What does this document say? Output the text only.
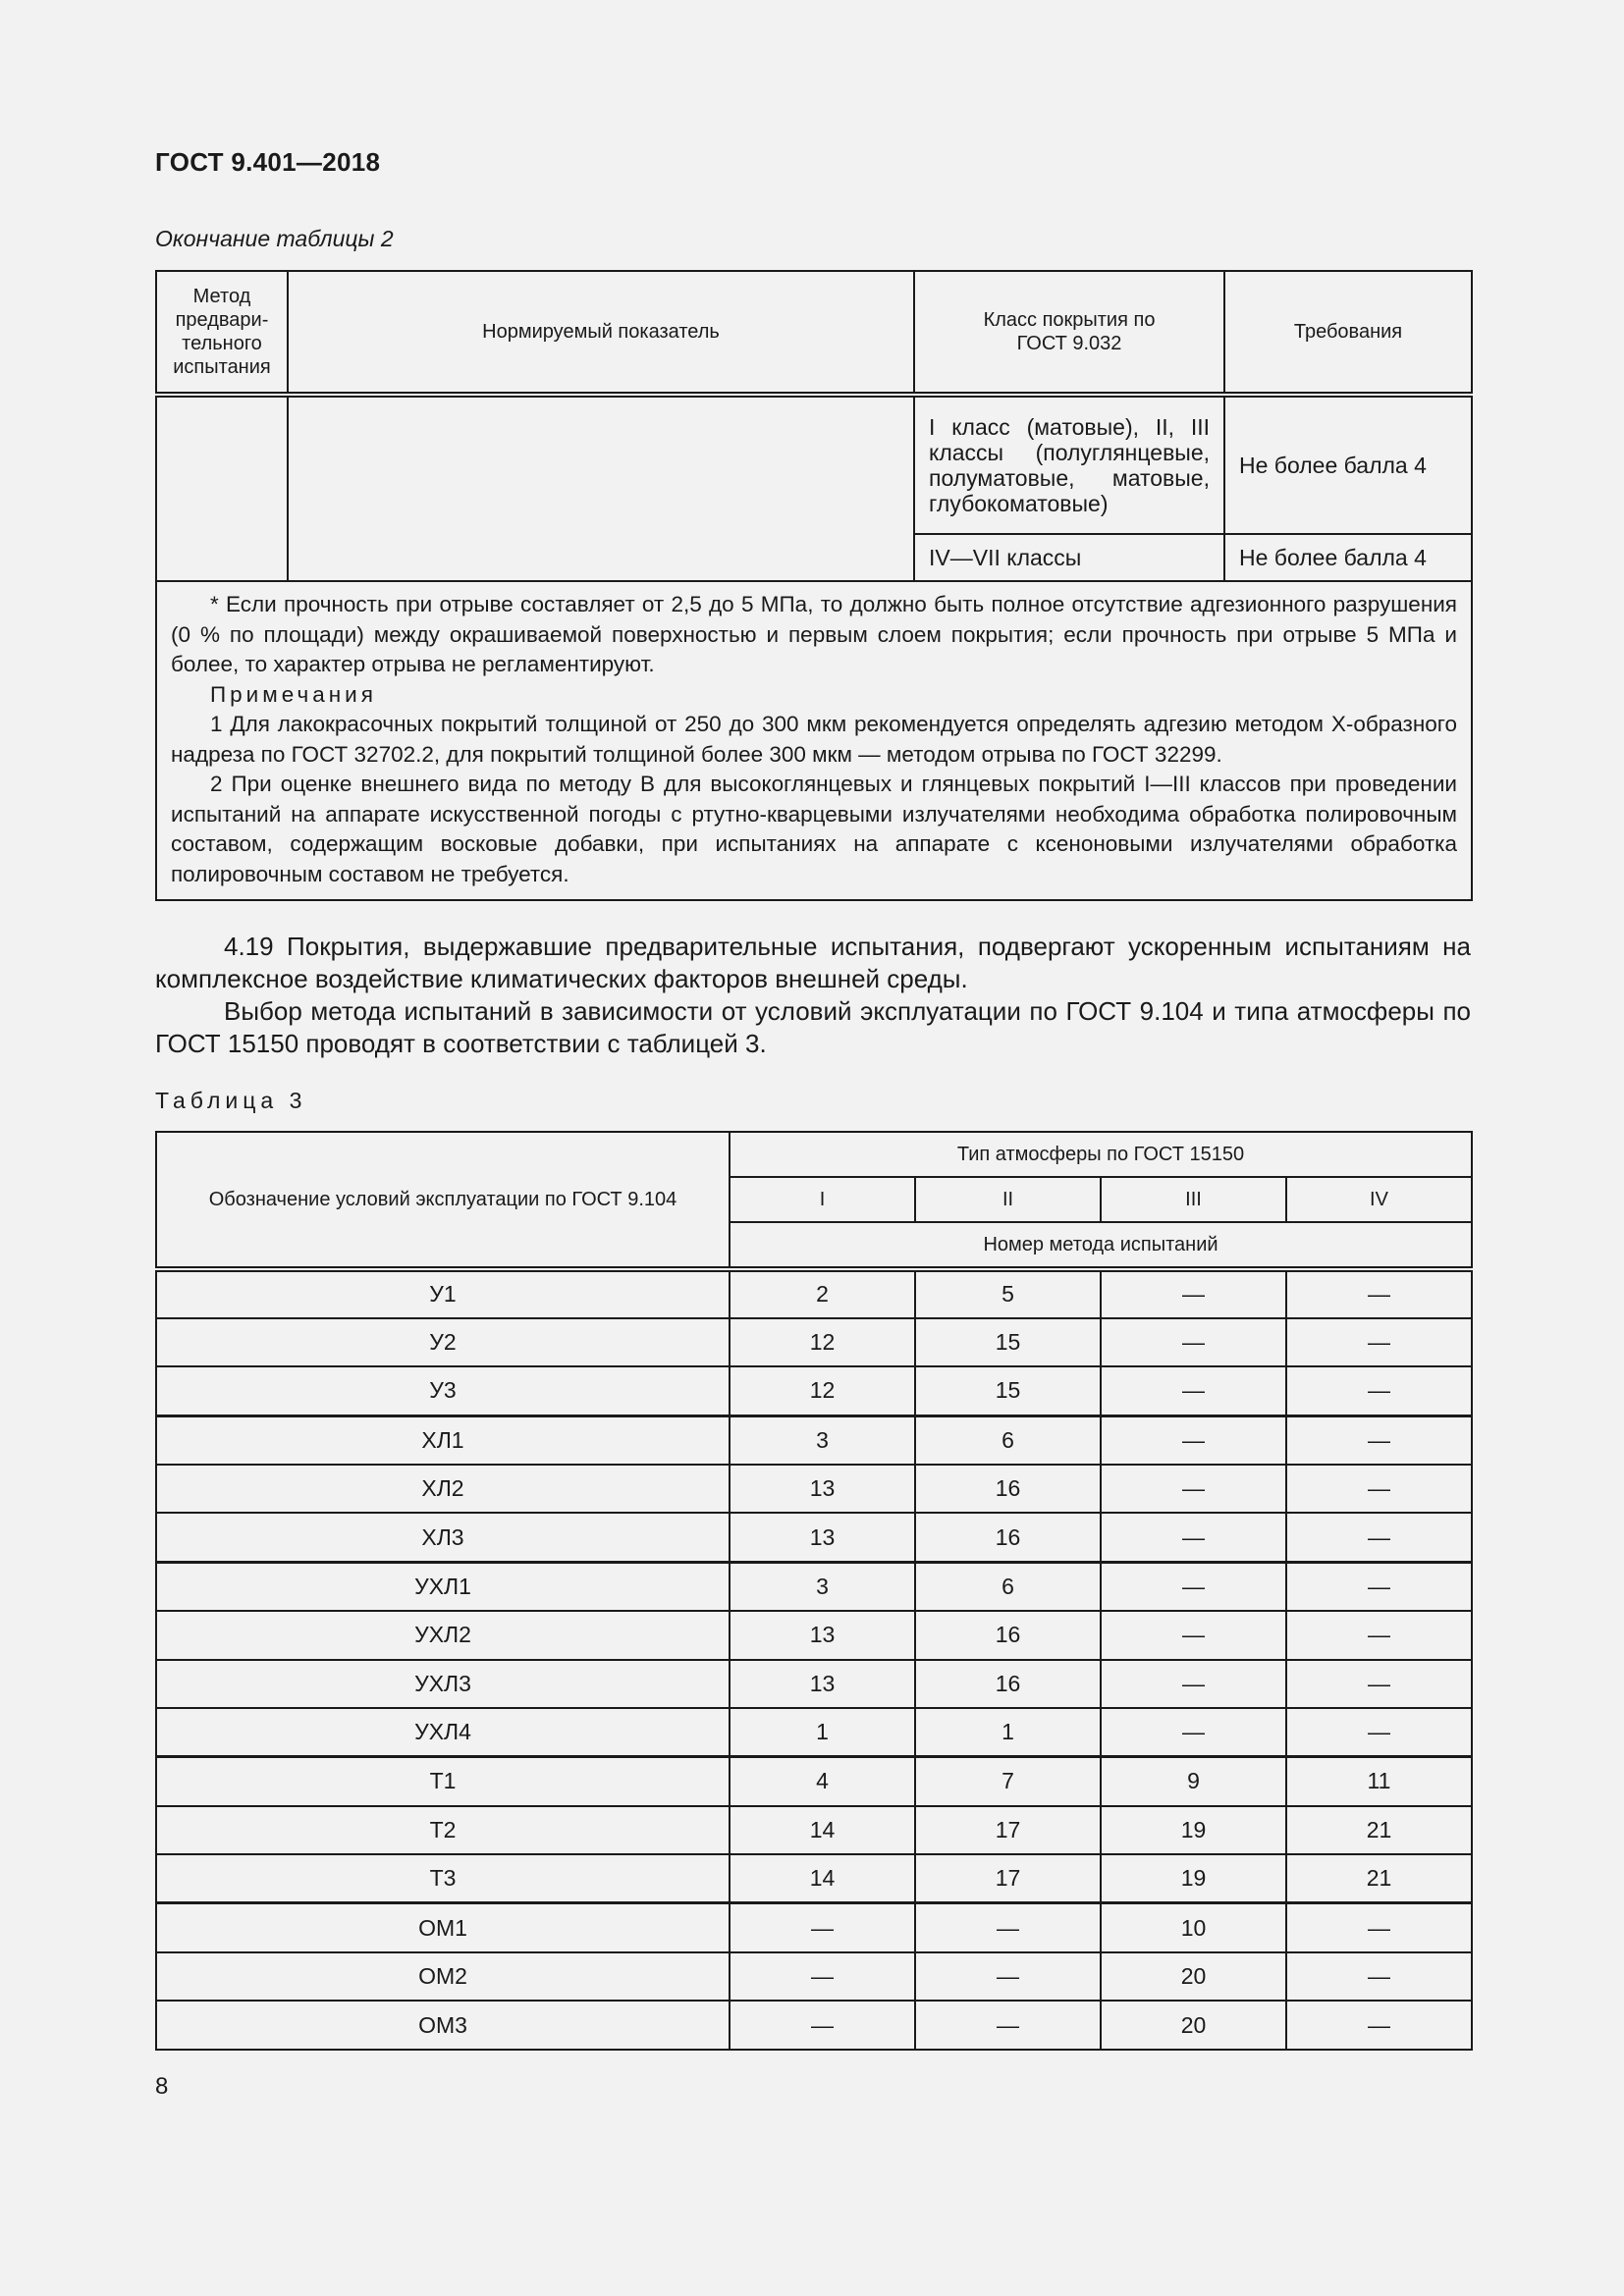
ГОСТ 9.401—2018
Окончание таблицы 2
Метод предвари-тельного испытания	Нормируемый показатель	Класс покрытия по ГОСТ 9.032	Требования
		I класс (матовые), II, III классы (полуглянцевые, полуматовые, матовые, глубокоматовые)	Не более балла 4
		IV—VII классы	Не более балла 4

* Если прочность при отрыве составляет от 2,5 до 5 МПа, то должно быть полное отсутствие адгезионного разрушения (0 % по площади) между окрашиваемой поверхностью и первым слоем покрытия; если прочность при отрыве 5 МПа и более, то характер отрыва не регламентируют.

Примечания

1 Для лакокрасочных покрытий толщиной от 250 до 300 мкм рекомендуется определять адгезию методом Х-образного надреза по ГОСТ 32702.2, для покрытий толщиной более 300 мкм — методом отрыва по ГОСТ 32299.

2 При оценке внешнего вида по методу В для высокоглянцевых и глянцевых покрытий I—III классов при проведении испытаний на аппарате искусственной погоды с ртутно-кварцевыми излучателями необходима обработка полировочным составом, содержащим восковые добавки, при испытаниях на аппарате с ксеноновыми излучателями обработка полировочным составом не требуется.			

4.19 Покрытия, выдержавшие предварительные испытания, подвергают ускоренным испытаниям на комплексное воздействие климатических факторов внешней среды.

Выбор метода испытаний в зависимости от условий эксплуатации по ГОСТ 9.104 и типа атмосферы по ГОСТ 15150 проводят в соответствии с таблицей 3.

Таблица 3
Обозначение условий эксплуатации по ГОСТ 9.104	Тип атмосферы по ГОСТ 15150			
	I	II	III	IV
	Номер метода испытаний			
У1	2	5	—	—
У2	12	15	—	—
У3	12	15	—	—
ХЛ1	3	6	—	—
ХЛ2	13	16	—	—
ХЛ3	13	16	—	—
УХЛ1	3	6	—	—
УХЛ2	13	16	—	—
УХЛ3	13	16	—	—
УХЛ4	1	1	—	—
Т1	4	7	9	11
Т2	14	17	19	21
Т3	14	17	19	21
ОМ1	—	—	10	—
ОМ2	—	—	20	—
ОМ3	—	—	20	—
8
